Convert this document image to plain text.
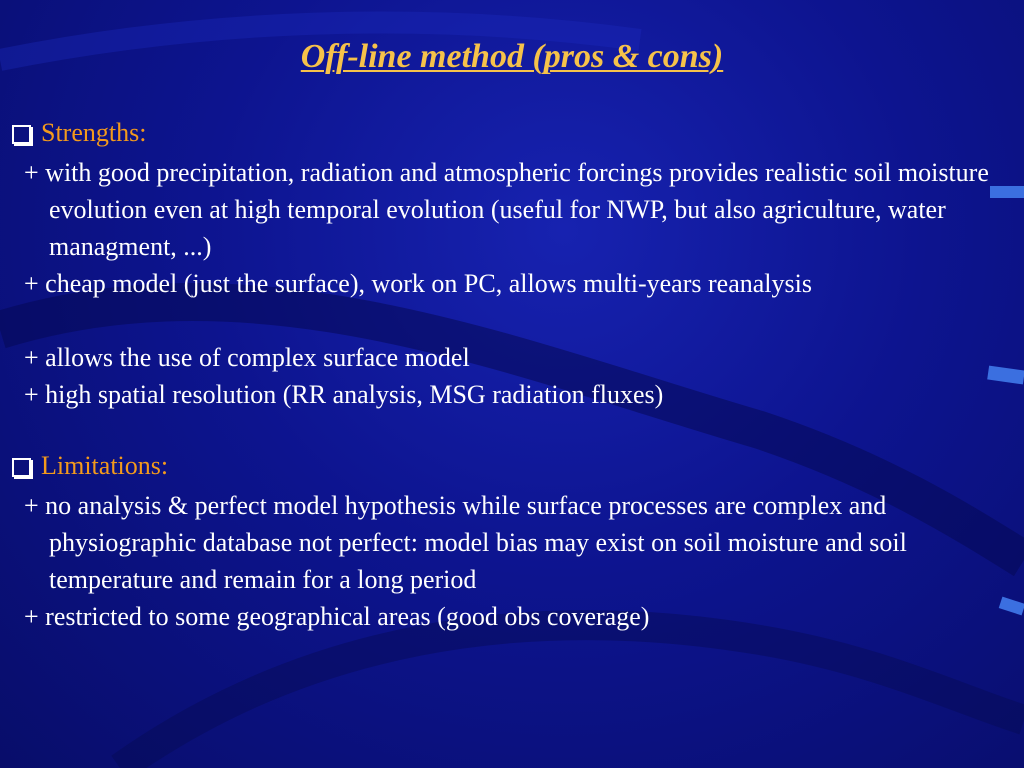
Off-line method (pros & cons)
Strengths:
+ with good precipitation, radiation and atmospheric forcings provides realistic soil moisture evolution even at high temporal evolution (useful for NWP, but also agriculture, water managment, ...)
+ cheap model (just the surface), work on PC, allows multi-years reanalysis
+ allows the use of complex surface model
+ high spatial resolution (RR analysis, MSG radiation fluxes)
Limitations:
+ no analysis & perfect model hypothesis while surface processes are complex and physiographic database not perfect: model bias may exist on soil moisture and soil temperature and remain for a long period
+ restricted to some geographical areas (good obs coverage)
